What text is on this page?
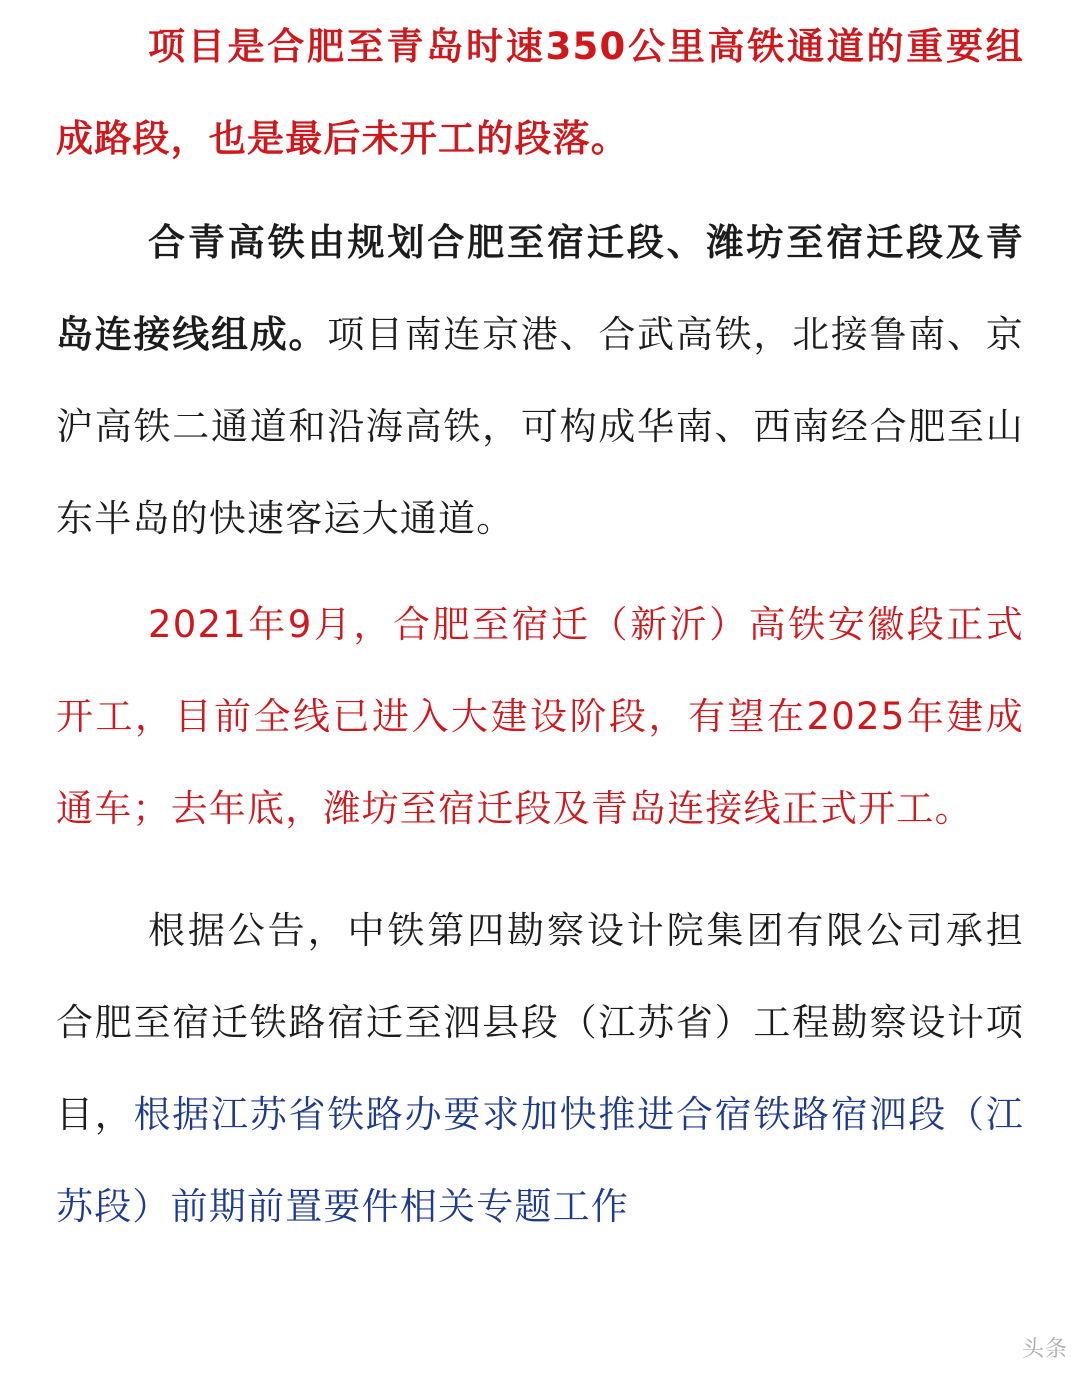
项目是合肥至青岛时速350公里高铁通道的重要组成路段，也是最后未开工的段落。

合青高铁由规划合肥至宿迁段、潍坊至宿迁段及青岛连接线组成。项目南连京港、合武高铁，北接鲁南、京沪高铁二通道和沿海高铁，可构成华南、西南经合肥至山东半岛的快速客运大通道。

2021年9月，合肥至宿迁（新沂）高铁安徽段正式开工，目前全线已进入大建设阶段，有望在2025年建成通车；去年底，潍坊至宿迁段及青岛连接线正式开工。

根据公告，中铁第四勘察设计院集团有限公司承担合肥至宿迁铁路宿迁至泗县段（江苏省）工程勘察设计项目，根据江苏省铁路办要求加快推进合宿铁路宿泗段（江苏段）前期前置要件相关专题工作

头条
